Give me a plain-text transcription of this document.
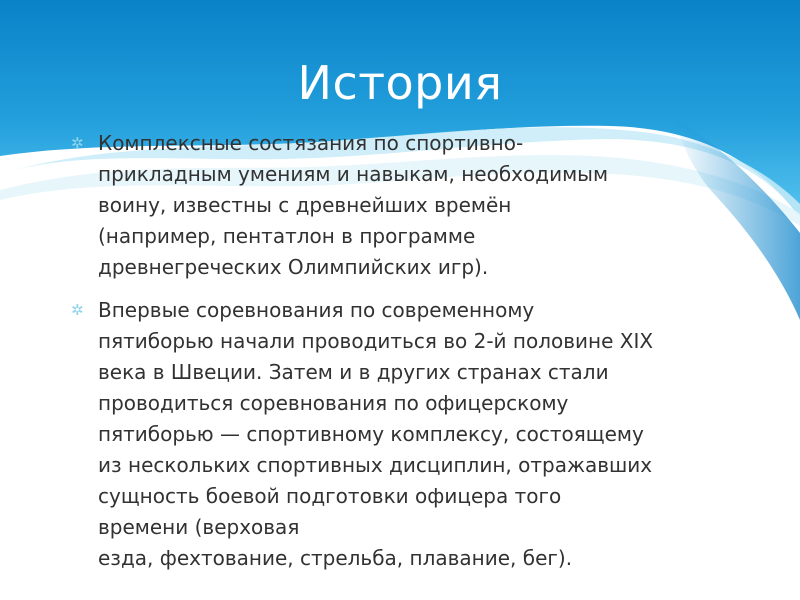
История
✲ Комплексные состязания по спортивно-
прикладным умениям и навыкам, необходимым
воину, известны с древнейших времён
(например, пентатлон в программе
древнегреческих Олимпийских игр).
✲ Впервые соревнования по современному
пятиборью начали проводиться во 2-й половине XIX
века в Швеции. Затем и в других странах стали
проводиться соревнования по офицерскому
пятиборью — спортивному комплексу, состоящему
из нескольких спортивных дисциплин, отражавших
сущность боевой подготовки офицера того
времени (верховая
езда, фехтование, стрельба, плавание, бег).
